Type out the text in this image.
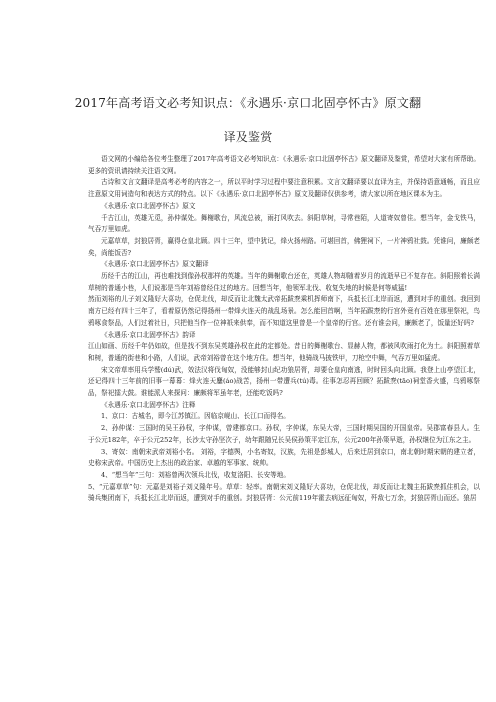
2017年高考语文必考知识点：《永遇乐·京口北固亭怀古》原文翻
译及鉴赏

语文网的小编给各位考生整理了2017年高考语文必考知识点：《永遇乐·京口北固亭怀古》原文翻译及鉴赏，希望对大家有所帮助。更多的资讯请持续关注语文网。

古诗和文言文翻译是高考必考的内容之一，所以平时学习过程中要注意积累。文言文翻译要以直译为主，并保持语意通畅，而且应注意原文用词造句和表达方式的特点。以下《永遇乐·京口北固亭怀古》原文及翻译仅供参考，请大家以所在地区课本为主。

《永遇乐·京口北固亭怀古》原文

千古江山，英雄无觅，孙仲谋处。舞榭歌台，风流总被，雨打风吹去。斜阳草树，寻常巷陌，人道寄奴曾住。想当年，金戈铁马，气吞万里如虎。

元嘉草草，封狼居胥，赢得仓皇北顾。四十三年，望中犹记，烽火扬州路。可堪回首，佛狸祠下，一片神鸦社鼓。凭谁问，廉颇老矣，尚能饭否?

《永遇乐·京口北固亭怀古》原文翻译

历经千古的江山，再也难找到像孙权那样的英雄。当年的舞榭歌台还在，英雄人物却随着岁月的流逝早已不复存在。斜阳照着长满草树的普通小巷，人们说那是当年刘裕曾经住过的地方。回想当年，他领军北伐、收复失地的时候是何等威猛!

然而刘裕的儿子刘义隆好大喜功，仓促北伐，却反而让北魏太武帝拓跋焘乘机挥师南下，兵抵长江北岸而返，遭到对手的重创。我回到南方已经有四十三年了，看着原仍然记得扬州一带烽火连天的战乱场景。怎么能回首啊，当年拓跋焘的行宫外竟有百姓在那里祭祀，鸟鸦啄食祭品，人们过着社日，只把他当作一位神祇来供奉，而不知道这里曾是一个皇帝的行宫。还有谁会问，廉颇老了，饭量还好吗?

《永遇乐·京口北固亭怀古》韵译

江山如画、历经千年仍如故，但是找不到东吴英雄孙权在此的定都处。昔日的舞榭歌台、显赫人物，都被风吹雨打化为土。斜阳照着草和树，普通的街巷和小路，人们说，武帝刘裕曾在这个地方住。想当年，他骑战马披铁甲，刀枪空中舞，气吞万里如猛虎。

宋文帝草率用兵学鹫(dú)武，效法汉将伐匈奴，没能够封山纪功狼居胥，却要仓皇向南逃，时时回头向北顾。我登上山亭望江北，还记得四十三年前的旧事一幕幕：烽火连天鏖(áo)战苦，扬州一带遭兵(tú)毒。往事怎忍再回顾？拓跋焘(tāo)祠堂香火盛，乌鸦啄祭品，祭祀擂大鼓。谁能派人来探问：廉颇将军虽年老，还能吃饭吗?

《永遇乐·京口北固亭怀古》注释

1、京口：古城名，即今江苏镇江。因临京岘山、长江口而得名。

2、孙仲谋：三国时的吴王孙权，字仲谋，曾建都京口。孙权，字仲谋，东吴大帝，三国时期吴国的开国皇帝。吴郡富春县人。生于公元182年，卒于公元252年，长沙太守孙坚次子，幼年跟随兄长吴侯孙策平定江东，公元200年孙策早逝，孙权继位为江东之主。

3、寄奴：南朝宋武帝刘裕小名。 刘裕，字德舆，小名寄奴，汉族，先祖是彭城人，后来迁居到京口，南北朝时期宋朝的建立者，史称宋武帝。中国历史上杰出的政治家、卓越的军事家、统帅。

4、“想当年”三句：刘裕曾两次领兵北伐，收复洛阳、长安等地。

5、“元嘉草草”句：元嘉是刘裕子刘义隆年号。草草：轻率。南朝宋刘义隆好大喜功，仓促北伐，却反而让北魏主拓跋焘抓住机会，以骑兵集团南下，兵抵长江北岸而返，遭到对手的重创。封狼居胥：公元前119年霍去病远征匈奴，歼敌七万余，封狼居胥山而还。狼居
